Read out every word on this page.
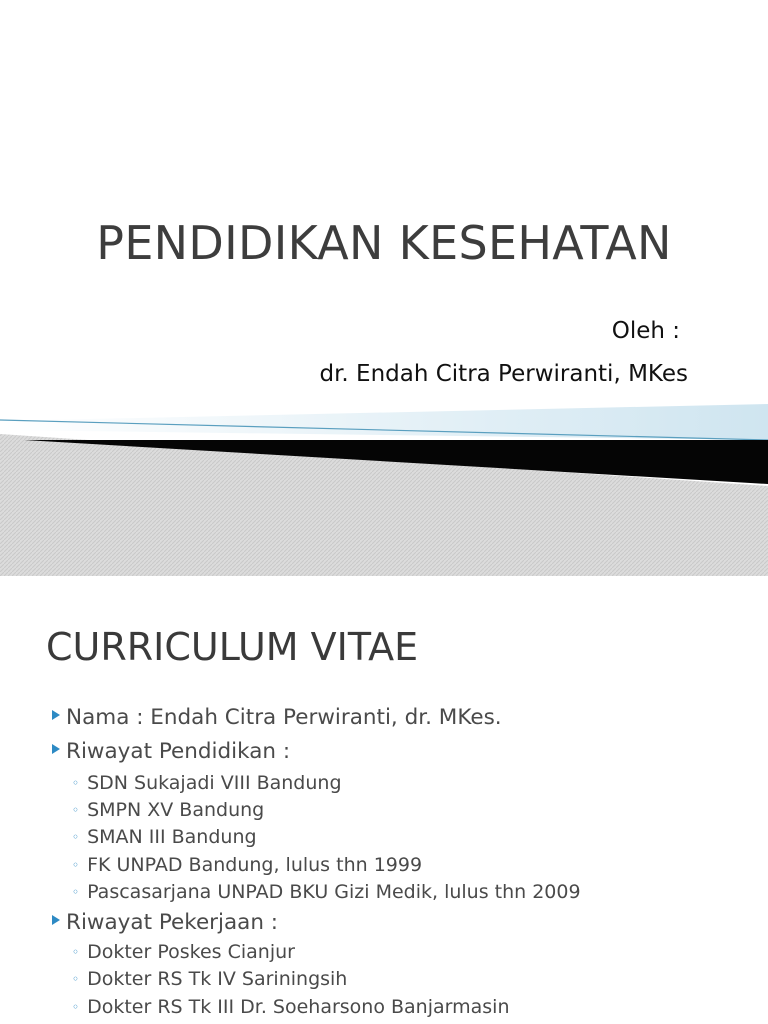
PENDIDIKAN KESEHATAN
Oleh :
dr. Endah Citra Perwiranti, MKes
CURRICULUM VITAE
Nama : Endah Citra Perwiranti, dr. MKes.
Riwayat Pendidikan :
◦ SDN Sukajadi VIII Bandung
◦ SMPN XV Bandung
◦ SMAN III Bandung
◦ FK UNPAD Bandung, lulus thn 1999
◦ Pascasarjana UNPAD BKU Gizi Medik, lulus thn 2009
Riwayat Pekerjaan :
◦ Dokter Poskes Cianjur
◦ Dokter RS Tk IV Sariningsih
◦ Dokter RS Tk III Dr. Soeharsono Banjarmasin
